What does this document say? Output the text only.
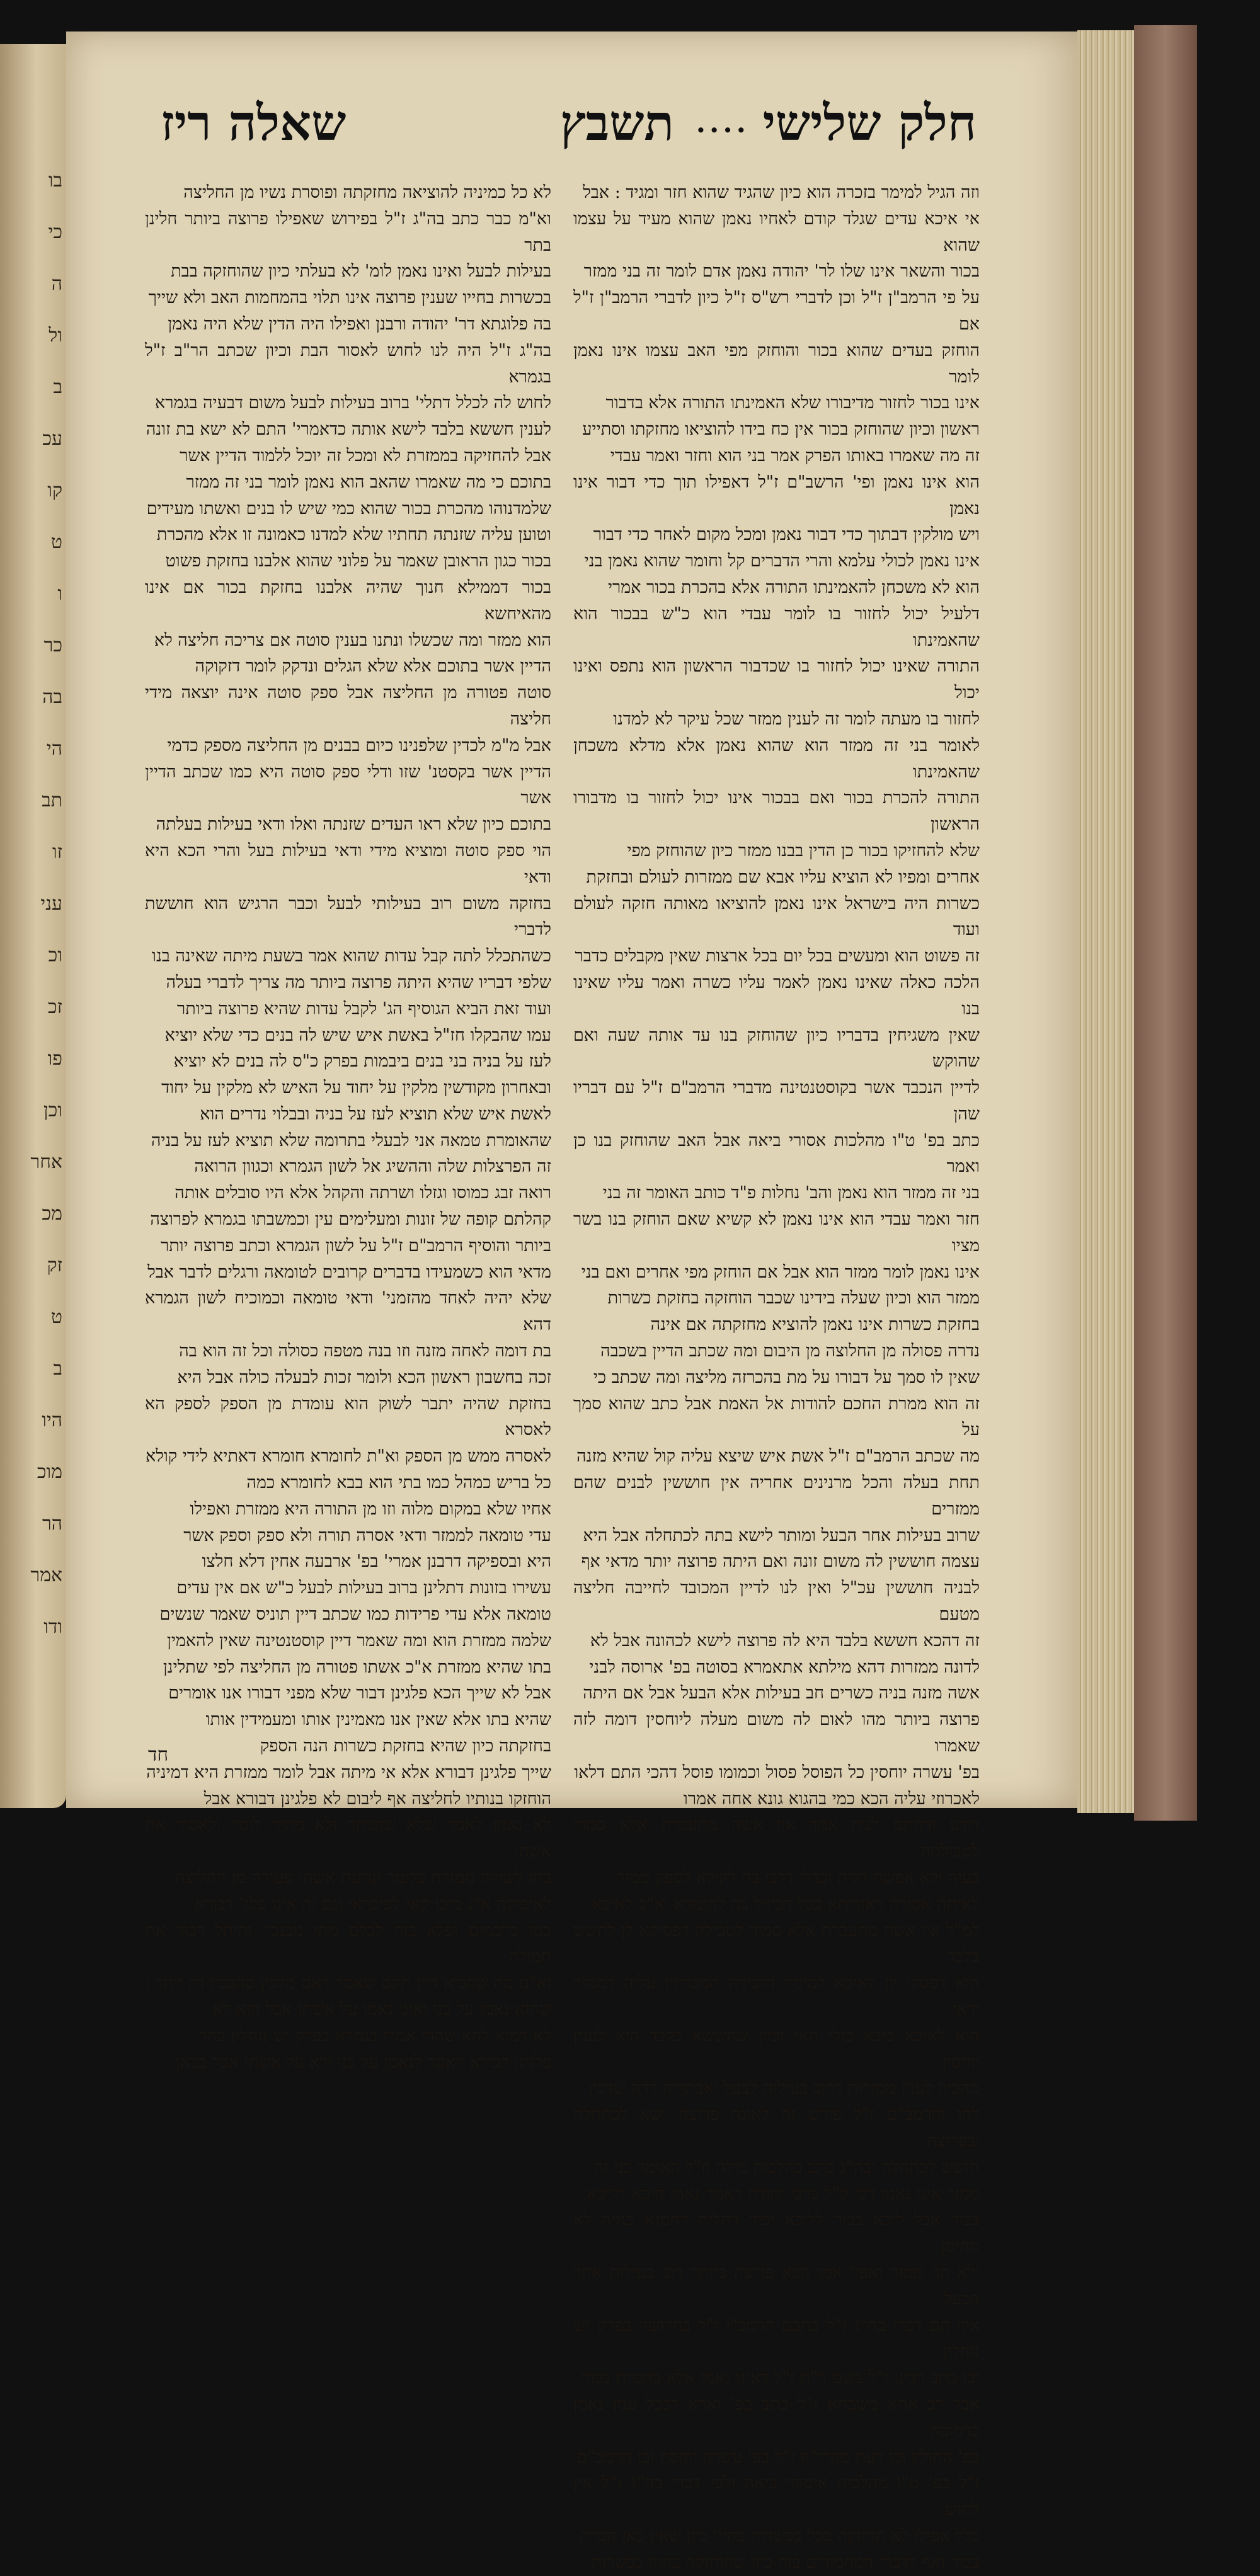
בו
כי
ה
ול
ב
עכ
קו
ט
ו
כר
בה
הי
תב
זו
עני
וכ
זכ
פו
וכן
אחר
מכ
זק
ט
ב
היו
מוכ
הר
אמר
ודו
חלק שלישי
....
תשבץ
שאלה ריז
וזה הגיל למימר בזכרה הוא כיון שהגיד שהוא חזר ומגיד : אבל
אי איכא עדים שגלד קודם לאחיו נאמן שהוא מעיד על עצמו שהוא
בכור והשאר אינו שלו לר' יהודה נאמן אדם לומר זה בני ממזר
על פי הרמב"ן ז"ל וכן לדברי רש"ס ז"ל כיון לדברי הרמב"ן ז"ל אם
הוחזק בעדים שהוא בכור והוחזק מפי האב עצמו אינו נאמן לומר
אינו בכור לחזור מדיבורו שלא האמינתו התורה אלא בדבור
ראשון וכיון שהוחזק בכור אין כח בידו להוציאו מחזקתו וסתייע
זה מה שאמרו באותו הפרק אמר בני הוא וחזר ואמר עבדי
הוא אינו נאמן ופי' הרשב"ם ז"ל דאפילו תוך כדי דבור אינו נאמן
ויש מולקין דבתוך כדי דבור נאמן ומכל מקום לאחר כדי דבור
אינו נאמן לכולי עלמא והרי הדברים קל וחומר שהוא נאמן בני
הוא לא משכחן להאמינתו התורה אלא בהכרת בכור אמרי
דלעיל יכול לחזור בו לומר עבדי הוא כ"ש בבכור הוא שהאמינתו
התורה שאינו יכול לחזור בו שכדבור הראשון הוא נתפס ואינו יכול
לחזור בו מעתה לומר זה לענין ממזר שכל עיקר לא למדנו
לאומר בני זה ממזר הוא שהוא נאמן אלא מדלא משכחן שהאמינתו
התורה להכרת בכור ואם בבכור אינו יכול לחזור בו מדבורו הראשון
שלא להחזיקו בכור כן הדין בבנו ממזר כיון שהוחזק מפי
אחרים ומפיו לא הוציא עליו אבא שם ממזרות לעולם ובחזקת
כשרות היה בישראל אינו נאמן להוציאו מאותה חזקה לעולם ועוד
זה פשוט הוא ומעשים בכל יום בכל ארצות שאין מקבלים כדבר
הלכה כאלה שאינו נאמן לאמר עליו כשרה ואמר עליו שאינו בנו
שאין משגיחין בדבריו כיון שהוחזק בנו עד אותה שעה ואם שהוקש
לדיין הנכבד אשר בקוסטנטינה מדברי הרמב"ם ז"ל עם דבריו שהן
כתב בפ' ט"ו מהלכות אסורי ביאה אבל האב שהוחזק בנו כן ואמר
בני זה ממזר הוא נאמן והב' נחלות פ"ד כותב האומר זה בני
חזר ואמר עבדי הוא אינו נאמן לא קשיא שאם הוחזק בנו בשר מציו
אינו נאמן לומר ממזר הוא אבל אם הוחזק מפי אחרים ואם בני
ממזר הוא וכיון שעלה בידינו שכבר הוחזקה בחזקת כשרות
בחזקת כשרות אינו נאמן להוציא מחזקתה אם אינה
נדרה פסולה מן החלוצה מן היבום ומה שכתב הדיין בשכבה
שאין לו סמך על דבורו על מת בהכרזה מליצה ומה שכתב כי
זה הוא ממרת החכם להודות אל האמת אבל כתב שהוא סמך על
מה שכתב הרמב"ם ז"ל אשת איש שיצא עליה קול שהיא מזנה
תחת בעלה והכל מרנינים אחריה אין חוששין לבנים שהם ממזרים
שרוב בעילות אחר הבעל ומותר לישא בתה לכתחלה אבל היא
עצמה חוששין לה משום זונה ואם היתה פרוצה יותר מדאי אף
לבניה חוששין עכ"ל ואין לנו לדיין המכובד לחייבה חליצה מטעם
זה דהכא חששא בלבד היא לה פרוצה לישא לכהונה אבל לא
לדונה ממזרות דהא מילתא אתאמרא בסוטה בפ' ארוסה לבני
אשה מזנה בניה כשרים חב בעילות אלא הבעל אבל אם היתה
פרוצה ביותר מהו לאום לה משום מעלה ליוחסין דומה לזה שאמרו
בפ' עשרה יוחסין כל הפוסל פסול וכמומו פוסל דהכי התם דלאו
לאכרוזי עליה הכא כמי בהגוא גונא אחה אמרו
דודע ודהתם לנות אמר אין אשה מתעברת אלא סמוך לטבילתה
בעיה ולא אפשה דליה ובדלי דלכי בה לקולא לספק ממזר
לאיתה אסורה דאוריתא ככל דכיזיל בה לחומרא וא"כ לאיכא
למ"ל אין אשה מתעברת אלא סמוך לטבילה דפסיקא לן לחשש בלבד
הוא דפסקו לן לאיכא למימר דלבידה המכריזין עליה דממזר ודאי
הוא לאיכא ביבא כולי האי וכיון שחששא בלבד היא לענין יוחסין
מהכיון לענין ממזרות דרוב בעילות לבעל ואבתריה דדה שדכין
להו והרמב"ם ז"ל פירש זה לאינה פרוצה ישא לכתחלה ובפרוצה
חושש לכתחלה ובה"ג כתב בהלכות מילה וז"ל האומר בני זה
ממזר אינו נאמן דכי ק"ל כרבי יהודה דאמר נאמן היכא דליכא
בכור אבל ליכא בכור לליכא יכיר דתליה רחמנא בגויה לא מהימן
ולא הוי ממזר ואפי' אמו הכא פרוצה ביותר רוב בעילות אחר הבעל
אלו הם דברי בה"ג ז"ל כתבם הרמב"ן ז"ל בחדושיו בפרק יש נוחלין
וכן כתב רבינו ז"ל בשם ר"ת ז"ל דאינו נאמן אלא בהכרת בכור
אבל רב אחא משבחא ז"ל כתב בפ' וארא דבכל ענין נאמן כדמוכח
בפ' החולץ וכן דעת מהרי"ף ז"ל בפ' עשרה יוחסין וכן הרמב"ם
ז"ל בפ' ט"ו מהלכות איסורי ביאה ולפי דברי בה"ג ז"ל אין לחוש
כלל אפילו לא הוחזקה ככל בכשרות בחייו כיון שאין כאן הכרת
בכור ואף לדברי המחמירים בזה כיון שהוחזקה בחייו בכשרות
לא כל כמיניה להוציאה מחזקתה ופוסרת נשיו מן החליצה
וא"מ כבר כתב בה"ג ז"ל בפירוש שאפילו פרוצה ביותר חלינן בתר
בעילות לבעל ואינו נאמן לומ' לא בעלתי כיון שהוחזקה בבת
בכשרות בחייו שענין פרוצה אינו תלוי בהמחמות האב ולא שייך
בה פלוגתא דר' יהודה ורבנן ואפילו היה הדין שלא היה נאמן
בה"ג ז"ל היה לנו לחוש לאסור הבת וכיון שכתב הר"ב ז"ל בגמרא
לחוש לה לכלל דתלי' ברוב בעילות לבעל משום דבעיה בגמרא
לענין חששא בלבד לישא אותה כדאמרי' התם לא ישא בת זונה
אבל להחזיקה בממזרת לא ומכל זה יוכל ללמוד הדיין אשר
בתוכם כי מה שאמרו שהאב הוא נאמן לומר בני זה ממזר
שלמדנוהו מהכרת בכור שהוא כמי שיש לו בנים ואשתו מעידים
וטוען עליה שזנתה תחתיו שלא למדנו כאמונה זו אלא מהכרת
בכור כגון הראובן שאמר על פלוני שהוא אלבנו בחזקת פשוט
בכור דממילא חנוך שהיה אלבנו בחזקת בכור אם אינו מהאיחשא
הוא ממזר ומה שכשלו ונתנו בענין סוטה אם צריכה חליצה לא
הדיין אשר בתוכם אלא שלא הגלים ונדקק לומר דזקוקה
סוטה פטורה מן החליצה אבל ספק סוטה אינה יוצאה מידי חליצה
אבל מ"מ לכדין שלפנינו כיום בבנים מן החליצה מספק כדמי
הדיין אשר בקסטנ' שזו ודלי ספק סוטה היא כמו שכתב הדיין אשר
בתוכם כיון שלא ראו העדים שזנתה ואלו ודאי בעילות בעלתה
הוי ספק סוטה ומוציא מידי ודאי בעילות בעל והרי הכא היא ודאי
בחזקה משום רוב בעילותי לבעל וכבר הרגיש הוא חוששת לדברי
כשהתכלל לתה קבל עדות שהוא אמר בשעת מיתה שאינה בנו
שלפי דבריו שהיא היתה פרוצה ביותר מה צריך לדברי בעלה
ועוד זאת הביא הגוסיף הג' לקבל עדות שהיא פרוצה ביותר
עמו שהבקלו חז"ל באשת איש שיש לה בנים כדי שלא יוציא
לעז על בניה בני בנים ביבמות בפרק כ"ס לה בנים לא יוציא
ובאחרון מקודשין מלקין על יחוד על האיש לא מלקין על יחוד
לאשת איש שלא תוציא לעז על בניה ובבלוי נדרים הוא
שהאומרת טמאה אני לבעלי בתרומה שלא תוציא לעז על בניה
זה הפרצלות שלה וההשיג אל לשון הגמרא וכגוון הרואה
רואה זבג כמוסו וגזלו ושרתה והקהל אלא היו סובלים אותה
קהלתם קופה של זונות ומעלימים עין וכמשבתו בגמרא לפרוצה
ביותר והוסיף הרמב"ם ז"ל על לשון הגמרא וכתב פרוצה יותר
מדאי הוא כשמעידו בדברים קרובים לטומאה ורגלים לדבר אבל
שלא יהיה לאחד מהזמני' ודאי טומאה וכמוכיח לשון הגמרא דהא
בת דומה לאחה מזנה וזו בנה מטפה כסולה וכל זה הוא בה
זכה בחשבון ראשון הכא ולומר זכות לבעלה כולה אבל היא
בחזקת שהיה יתבר לשוק הוא עומדת מן הספק לספק הא לאסרא
לאסרה ממש מן הספק וא"ת לחומרא חומרא דאתיא לידי קולא
כל בריש כמהל כמו בתי הוא בבא לחומרא כמה
אחיו שלא במקום מלוה וזו מן התורה היא ממזרת ואפילו
עדי טומאה לממזר ודאי אסרה תורה ולא ספק וספק אשר
היא ובספיקה דרבנן אמרי' בפ' ארבעה אחין דלא חלצו
עשירו בזונות דתלינן ברוב בעילות לבעל כ"ש אם אין עדים
טומאה אלא עדי פרידות כמו שכתב דיין תוניס שאמר שנשים
שלמה ממזרת הוא ומה שאמר דיין קוסטנטינה שאין להאמין
בתו שהיא ממזרת א"כ אשתו פטורה מן החליצה לפי שתלינן
אבל לא שייך הכא פלגינן דבור שלא מפני דבורו אנו אומרים
שהיא בתו אלא שאין אנו מאמינין אותו ומעמידין אותו
בחזקתה כיון שהיא בחזקת כשרות הנה הספק
שייך פלגינן דבורא אלא אי מיתה אבל לומר ממזרת היא דמיניה
הוחזקו בנותיו לחליצה אף ליבום לא פלגינן דבורא אבל
לא נאמן לאמר שלא שהבתר ולא מתיר לומר ולאסור את אשתו
בחו לשוייה ממזרת כלומר ונותנת אשתו פטורה מן החליצה
לאיפוקה א"נ מיכו קאי לפיבראי וגם זה אינו פלג' דבורא
כמו כרכמים ופלא בזה לכלם מתי מבנכיי והיתל דבור את חמולה
וא"מ מה שהביא דיין תונס שאמר דאם מלכין סהבכין דין יותר ו
שהוא נאמן על בנו ואינו נאמן על אשתו אבל הוא לא
לא דמיא להא שהרי אמרו בגמרא בפרק יש נוחלין בתר
פלגינן דבורא ויאסר לנאמן על בנו ולא על אשתו אבל בכאן
חד
